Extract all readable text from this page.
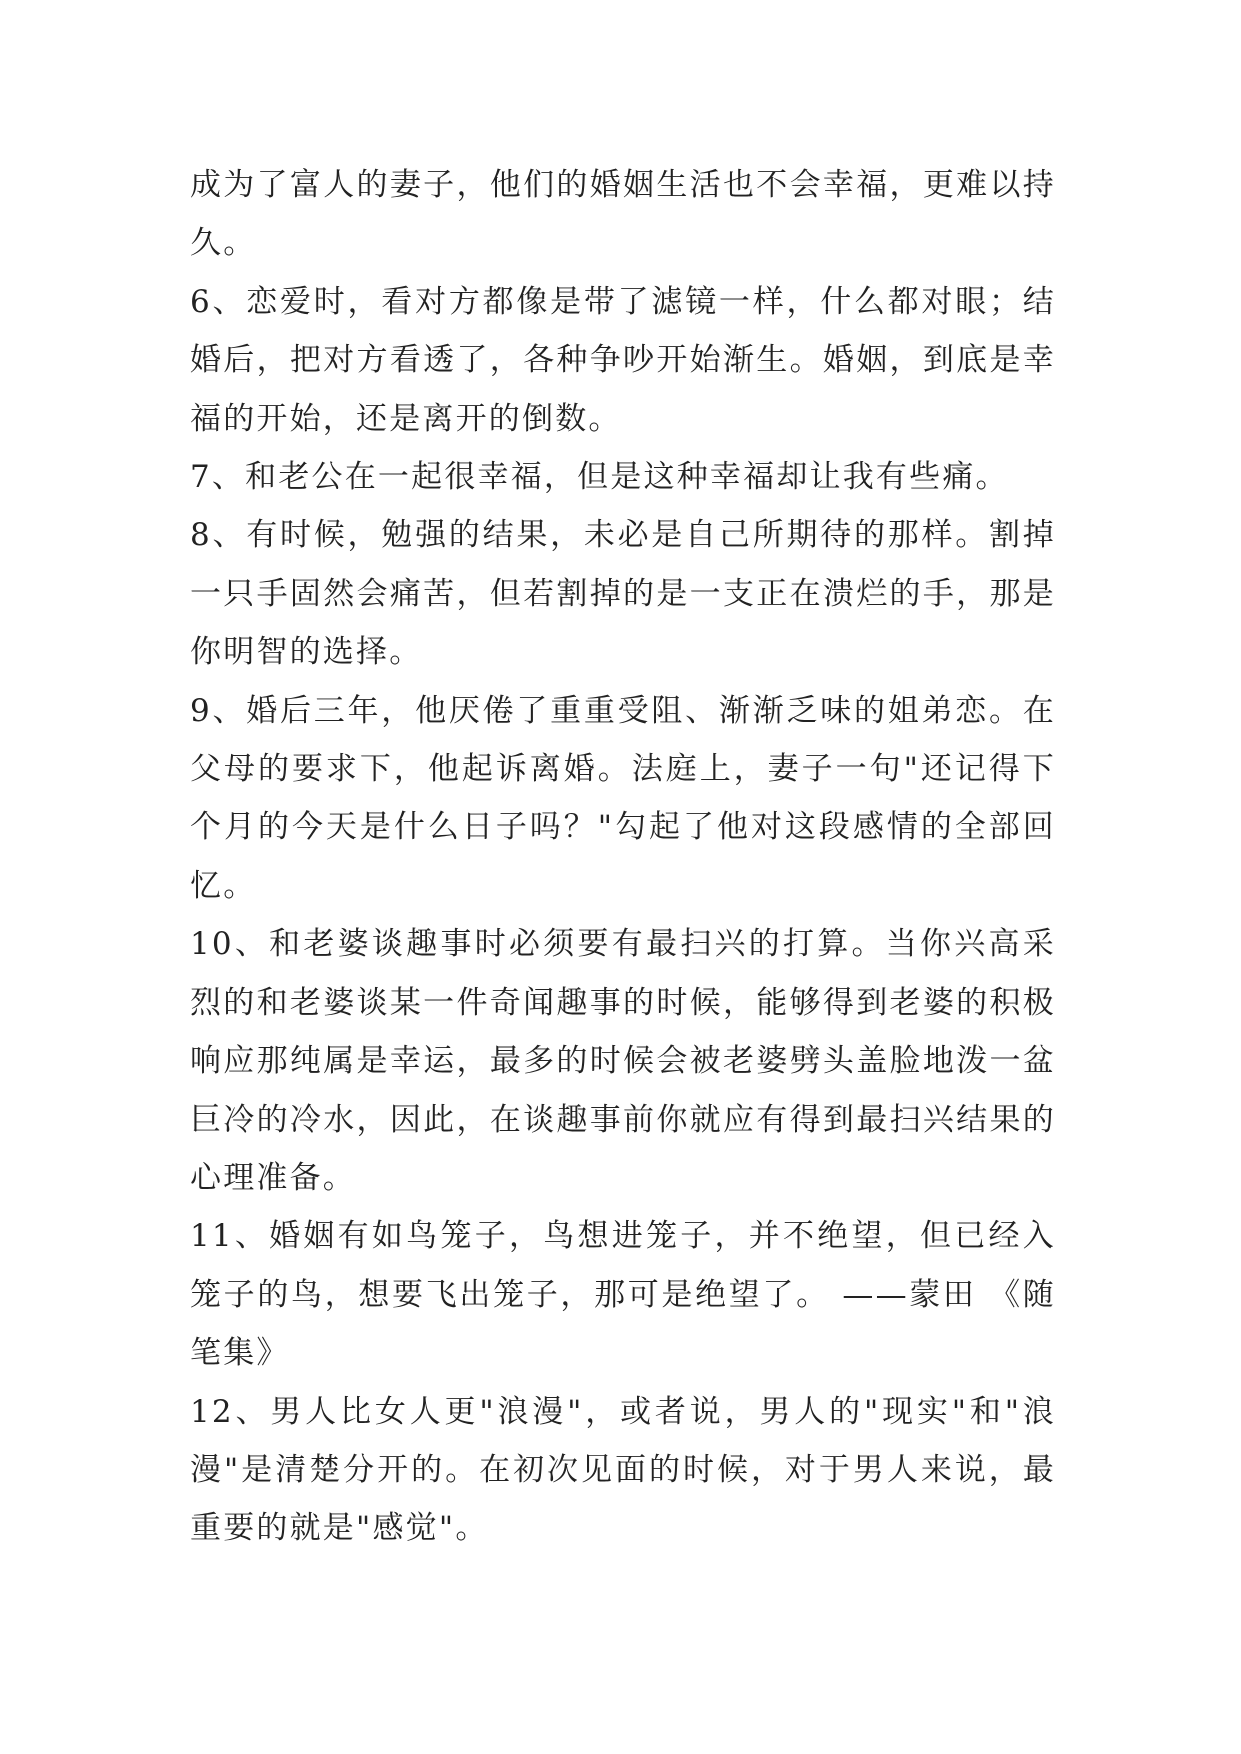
成为了富人的妻子，他们的婚姻生活也不会幸福，更难以持久。

6、恋爱时，看对方都像是带了滤镜一样，什么都对眼；结婚后，把对方看透了，各种争吵开始渐生。婚姻，到底是幸福的开始，还是离开的倒数。

7、和老公在一起很幸福，但是这种幸福却让我有些痛。

8、有时候，勉强的结果，未必是自己所期待的那样。割掉一只手固然会痛苦，但若割掉的是一支正在溃烂的手，那是你明智的选择。

9、婚后三年，他厌倦了重重受阻、渐渐乏味的姐弟恋。在父母的要求下，他起诉离婚。法庭上，妻子一句"还记得下个月的今天是什么日子吗？"勾起了他对这段感情的全部回忆。

10、和老婆谈趣事时必须要有最扫兴的打算。当你兴高采烈的和老婆谈某一件奇闻趣事的时候，能够得到老婆的积极响应那纯属是幸运，最多的时候会被老婆劈头盖脸地泼一盆巨冷的冷水，因此，在谈趣事前你就应有得到最扫兴结果的心理准备。

11、婚姻有如鸟笼子，鸟想进笼子，并不绝望，但已经入笼子的鸟，想要飞出笼子，那可是绝望了。 ——蒙田 《随笔集》

12、男人比女人更"浪漫"，或者说，男人的"现实"和"浪漫"是清楚分开的。在初次见面的时候，对于男人来说，最重要的就是"感觉"。
